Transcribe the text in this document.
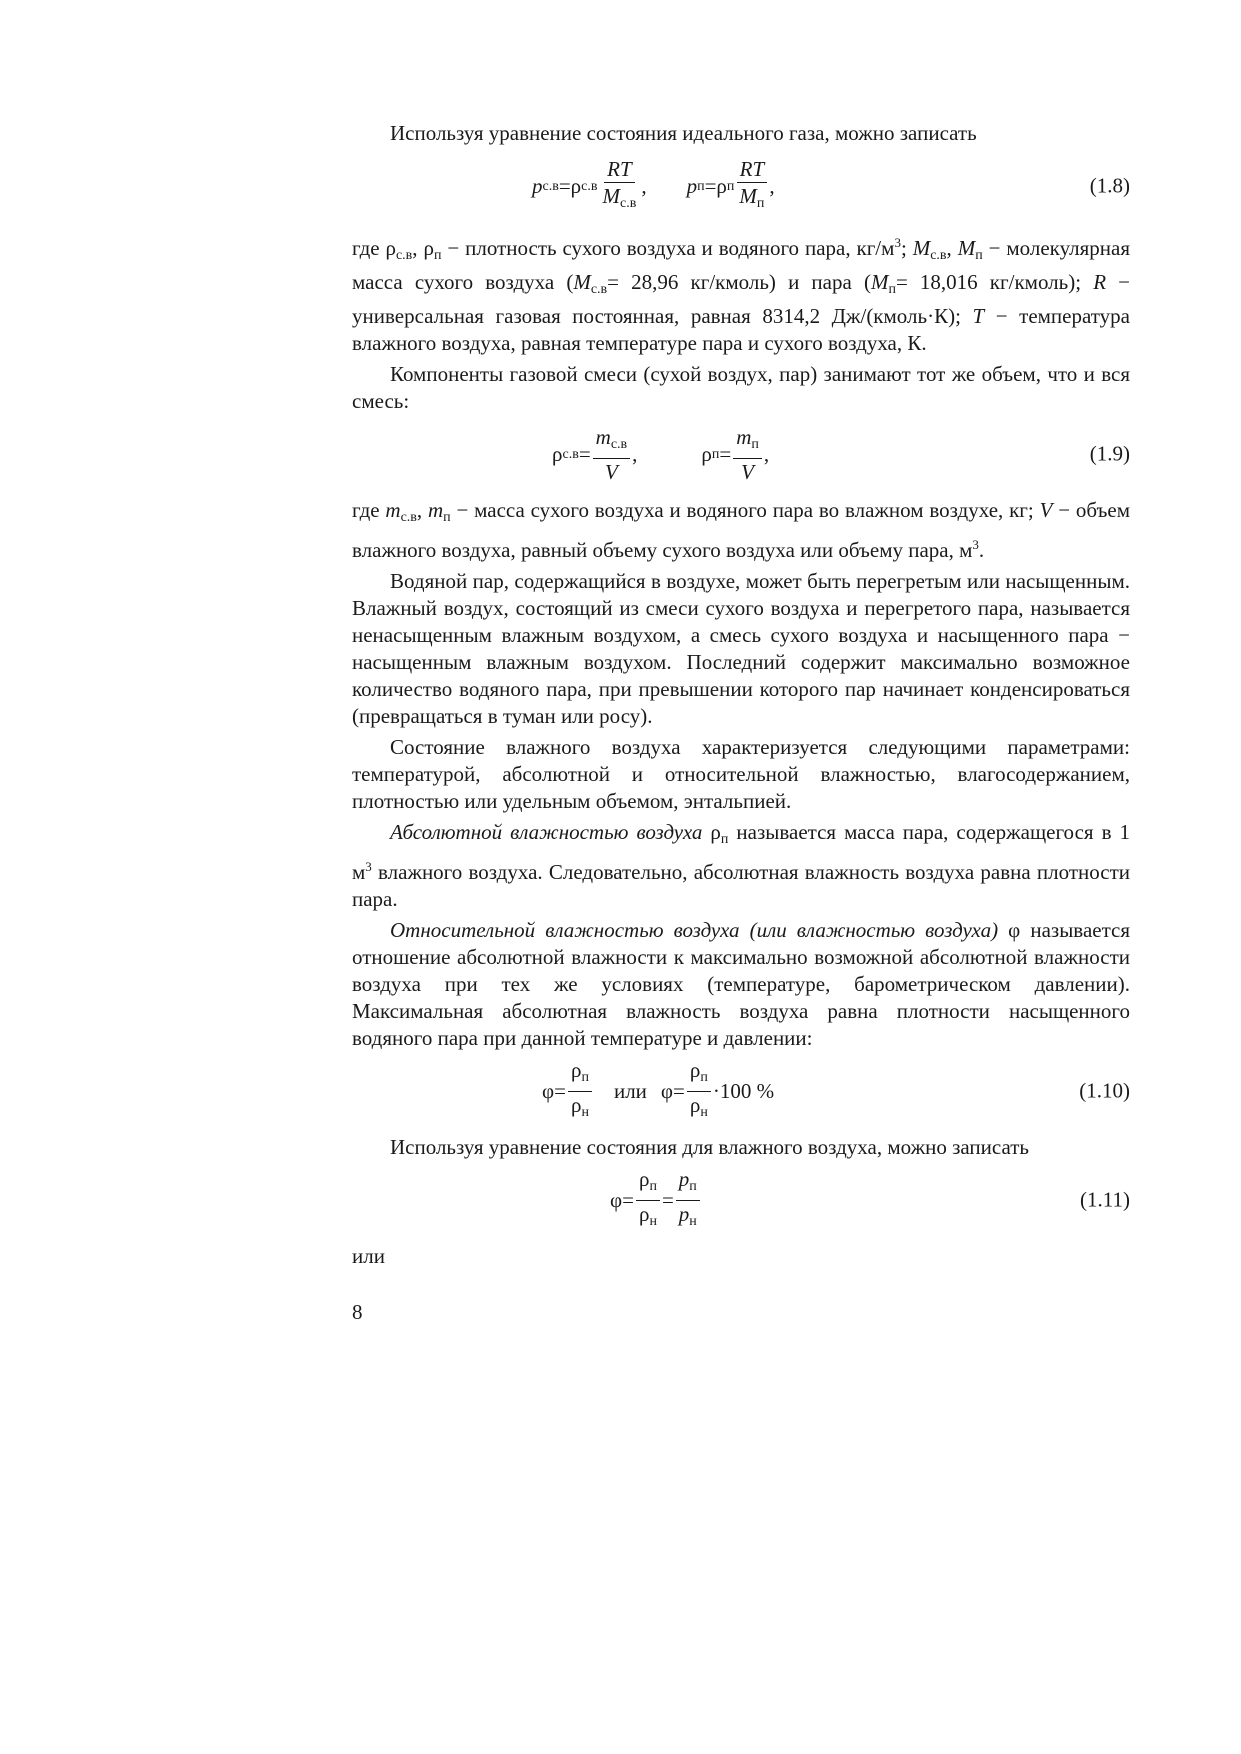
Используя уравнение состояния идеального газа, можно записать

p с.в = ρ $с.в \frac{RT}{M_{с.в}}$ , p п = ρ п $\frac{RT}{M_п}$ ,	(1.8)

где $\rho_{с.в}$, $\rho_п$ − плотность сухого воздуха и водяного пара, $кг/м^3$; $M_{с.в}$, $M_п$ − молекулярная масса сухого воздуха ($M_{с.в}= 28,96$ кг/кмоль) и пара ($M_п= 18,016$ кг/кмоль); R − универсальная газовая постоянная, равная 8314,2 Дж/(кмоль·К); T − температура влажного воздуха, равная температуре пара и сухого воздуха, К.

Компоненты газовой смеси (сухой воздух, пар) занимают тот же объем, что и вся смесь:

ρ $с.в = \frac{m_{с.в}}{V}$ ,	ρ $п = \frac{m_п}{V}$ ,	(1.9)

где $m_{с.в}$, $m_п$ − масса сухого воздуха и водяного пара во влажном воздухе, кг; V − объем влажного воздуха, равный объему сухого воздуха или объему пара, $м^3$.

Водяной пар, содержащийся в воздухе, может быть перегретым или насыщенным. Влажный воздух, состоящий из смеси сухого воздуха и перегретого пара, называется ненасыщенным влажным воздухом, а смесь сухого воздуха и насыщенного пара − насыщенным влажным воздухом. Последний содержит максимально возможное количество водяного пара, при превышении которого пар начинает конденсироваться (превращаться в туман или росу).

Состояние влажного воздуха характеризуется следующими параметрами: температурой, абсолютной и относительной влажностью, влагосодержанием, плотностью или удельным объемом, энтальпией.

Абсолютной влажностью воздуха $\rho_п$ называется масса пара, содержащегося в 1 $м^3$ влажного воздуха. Следовательно, абсолютная влажность воздуха равна плотности пара.

Относительной влажностью воздуха (или влажностью воздуха) φ называется отношение абсолютной влажности к максимально возможной абсолютной влажности воздуха при тех же условиях (температуре, барометрическом давлении). Максимальная абсолютная влажность воздуха равна плотности насыщенного водяного пара при данной температуре и давлении:

$\varphi = \frac{\rho_п}{\rho_н}$ или $\varphi = \frac{\rho_п}{\rho_н} \cdot 100$ %	(1.10)

Используя уравнение состояния для влажного воздуха, можно записать

$\varphi = \frac{\rho_п}{\rho_н} = \frac{p_п}{p_н}$	(1.11)

или

8
